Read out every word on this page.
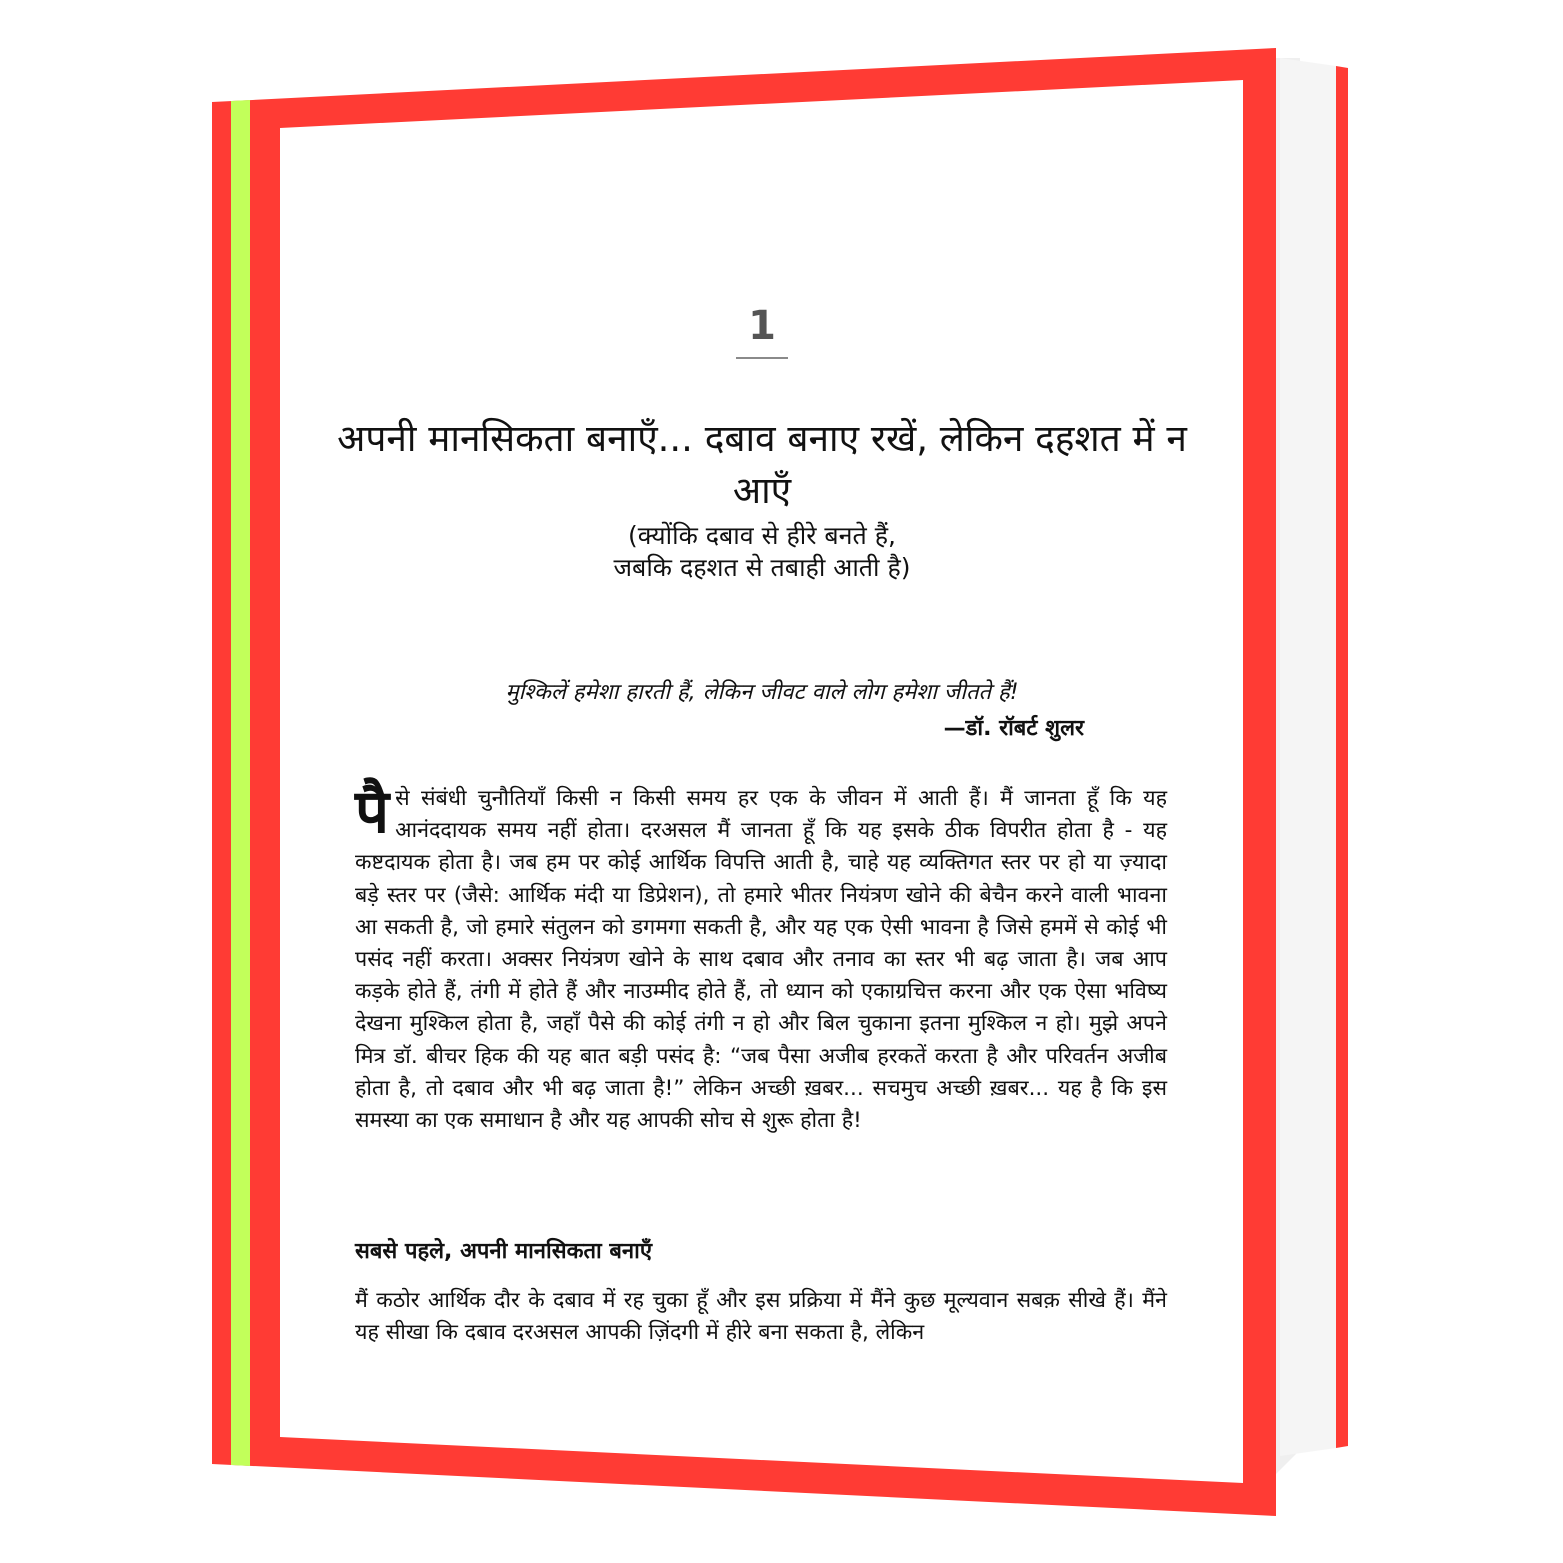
1
अपनी मानसिकता बनाएँ... दबाव बनाए रखें, लेकिन दहशत में न आएँ
(क्योंकि दबाव से हीरे बनते हैं,
जबकि दहशत से तबाही आती है)
मुश्किलें हमेशा हारती हैं, लेकिन जीवट वाले लोग हमेशा जीतते हैं!
—डॉ. रॉबर्ट शुलर
पैसे संबंधी चुनौतियाँ किसी न किसी समय हर एक के जीवन में आती हैं। मैं जानता हूँ कि यह आनंददायक समय नहीं होता। दरअसल मैं जानता हूँ कि यह इसके ठीक विपरीत होता है - यह कष्टदायक होता है। जब हम पर कोई आर्थिक विपत्ति आती है, चाहे यह व्यक्तिगत स्तर पर हो या ज़्यादा बड़े स्तर पर (जैसे: आर्थिक मंदी या डिप्रेशन), तो हमारे भीतर नियंत्रण खोने की बेचैन करने वाली भावना आ सकती है, जो हमारे संतुलन को डगमगा सकती है, और यह एक ऐसी भावना है जिसे हममें से कोई भी पसंद नहीं करता। अक्सर नियंत्रण खोने के साथ दबाव और तनाव का स्तर भी बढ़ जाता है। जब आप कड़के होते हैं, तंगी में होते हैं और नाउम्मीद होते हैं, तो ध्यान को एकाग्रचित्त करना और एक ऐसा भविष्य देखना मुश्किल होता है, जहाँ पैसे की कोई तंगी न हो और बिल चुकाना इतना मुश्किल न हो। मुझे अपने मित्र डॉ. बीचर हिक की यह बात बड़ी पसंद है: “जब पैसा अजीब हरकतें करता है और परिवर्तन अजीब होता है, तो दबाव और भी बढ़ जाता है!” लेकिन अच्छी ख़बर... सचमुच अच्छी ख़बर... यह है कि इस समस्या का एक समाधान है और यह आपकी सोच से शुरू होता है!
सबसे पहले, अपनी मानसिकता बनाएँ
मैं कठोर आर्थिक दौर के दबाव में रह चुका हूँ और इस प्रक्रिया में मैंने कुछ मूल्यवान सबक़ सीखे हैं। मैंने यह सीखा कि दबाव दरअसल आपकी ज़िंदगी में हीरे बना सकता है, लेकिन
